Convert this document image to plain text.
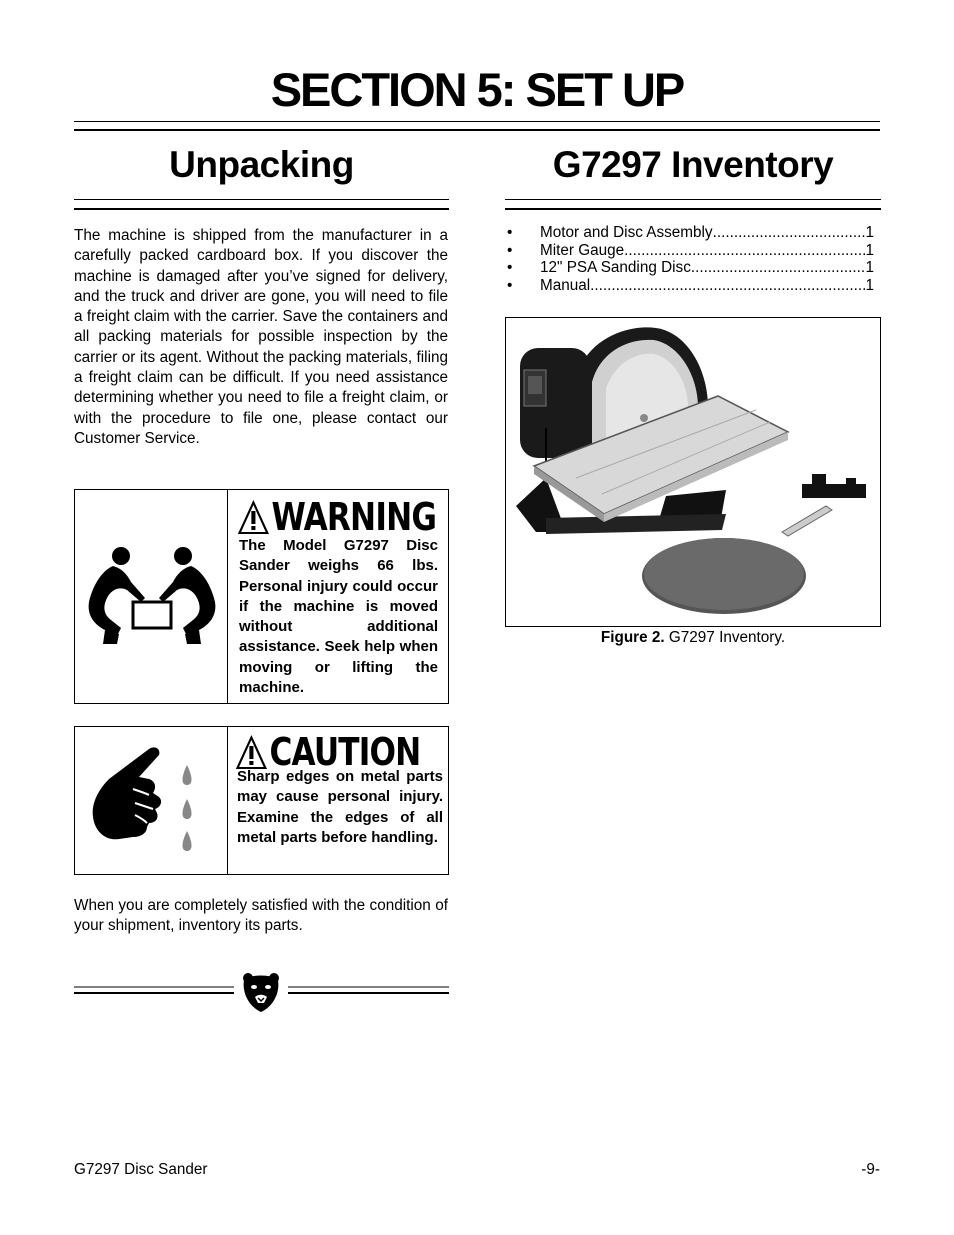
SECTION 5: SET UP
Unpacking
The machine is shipped from the manufacturer in a carefully packed cardboard box. If you discover the machine is damaged after you’ve signed for delivery, and the truck and driver are gone, you will need to file a freight claim with the carrier. Save the containers and all packing materials for possible inspection by the carrier or its agent. Without the packing materials, filing a freight claim can be difficult. If you need assistance determining whether you need to file a freight claim, or with the procedure to file one, please contact our Customer Service.
WARNING
The Model G7297 Disc Sander weighs 66 lbs. Personal injury could occur if the machine is moved without additional assistance. Seek help when moving or lifting the machine.
CAUTION
Sharp edges on metal parts may cause personal injury. Examine the edges of all metal parts before handling.
When you are completely satisfied with the condition of your shipment, inventory its parts.
G7297 Inventory
•	Motor and Disc Assembly .....	1
•	Miter Gauge .....	1
•	12" PSA Sanding Disc .....	1
•	Manual .....	1
Figure 2. G7297 Inventory.
G7297 Disc Sander	-9-
